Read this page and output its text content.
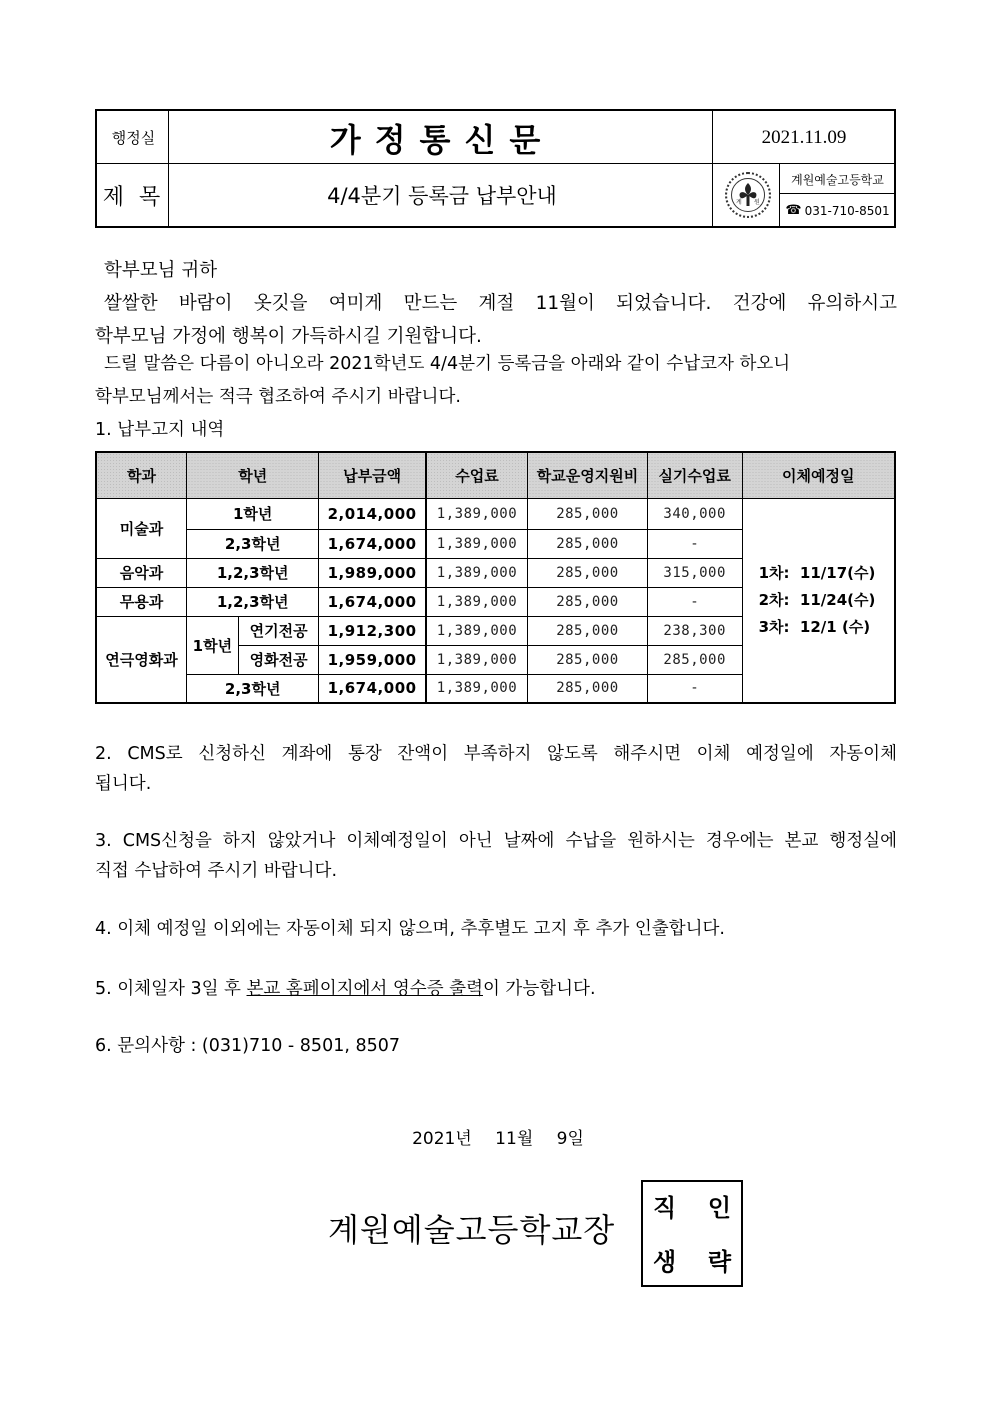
행정실	가정통신문	2021.11.09
제 목	4/4분기 등록금 납부안내	계 원
계원예술고등학교
☎ 031-710-8501
학부모님 귀하
쌀쌀한 바람이 옷깃을 여미게 만드는 계절 11월이 되었습니다. 건강에 유의하시고
학부모님 가정에 행복이 가득하시길 기원합니다.
드릴 말씀은 다름이 아니오라 2021학년도 4/4분기 등록금을 아래와 같이 수납코자 하오니
학부모님께서는 적극 협조하여 주시기 바랍니다.
1. 납부고지 내역
학과	학년		납부금액	수업료	학교운영지원비	실기수업료	이체예정일
미술과	1학년		2,014,000	1,389,000	285,000	340,000	1차:  11/17(수)
2차:  11/24(수)
3차:  12/1 (수)

	2,3학년		1,674,000	1,389,000	285,000	-	
음악과	1,2,3학년		1,989,000	1,389,000	285,000	315,000	
무용과	1,2,3학년		1,674,000	1,389,000	285,000	-	
연극영화과	1학년	연기전공	1,912,300	1,389,000	285,000	238,300	
		영화전공	1,959,000	1,389,000	285,000	285,000	
	2,3학년		1,674,000	1,389,000	285,000	-	
2. CMS로 신청하신 계좌에 통장 잔액이 부족하지 않도록 해주시면 이체 예정일에 자동이체
됩니다.
3. CMS신청을 하지 않았거나 이체예정일이 아닌 날짜에 수납을 원하시는 경우에는 본교 행정실에
직접 수납하여 주시기 바랍니다.
4. 이체 예정일 이외에는 자동이체 되지 않으며, 추후별도 고지 후 추가 인출합니다.
5. 이체일자 3일 후 본교 홈페이지에서 영수증 출력이 가능합니다.
6. 문의사항 : (031)710 - 8501, 8507
2021년 11월 9일
계원예술고등학교장
직 인
생 략
